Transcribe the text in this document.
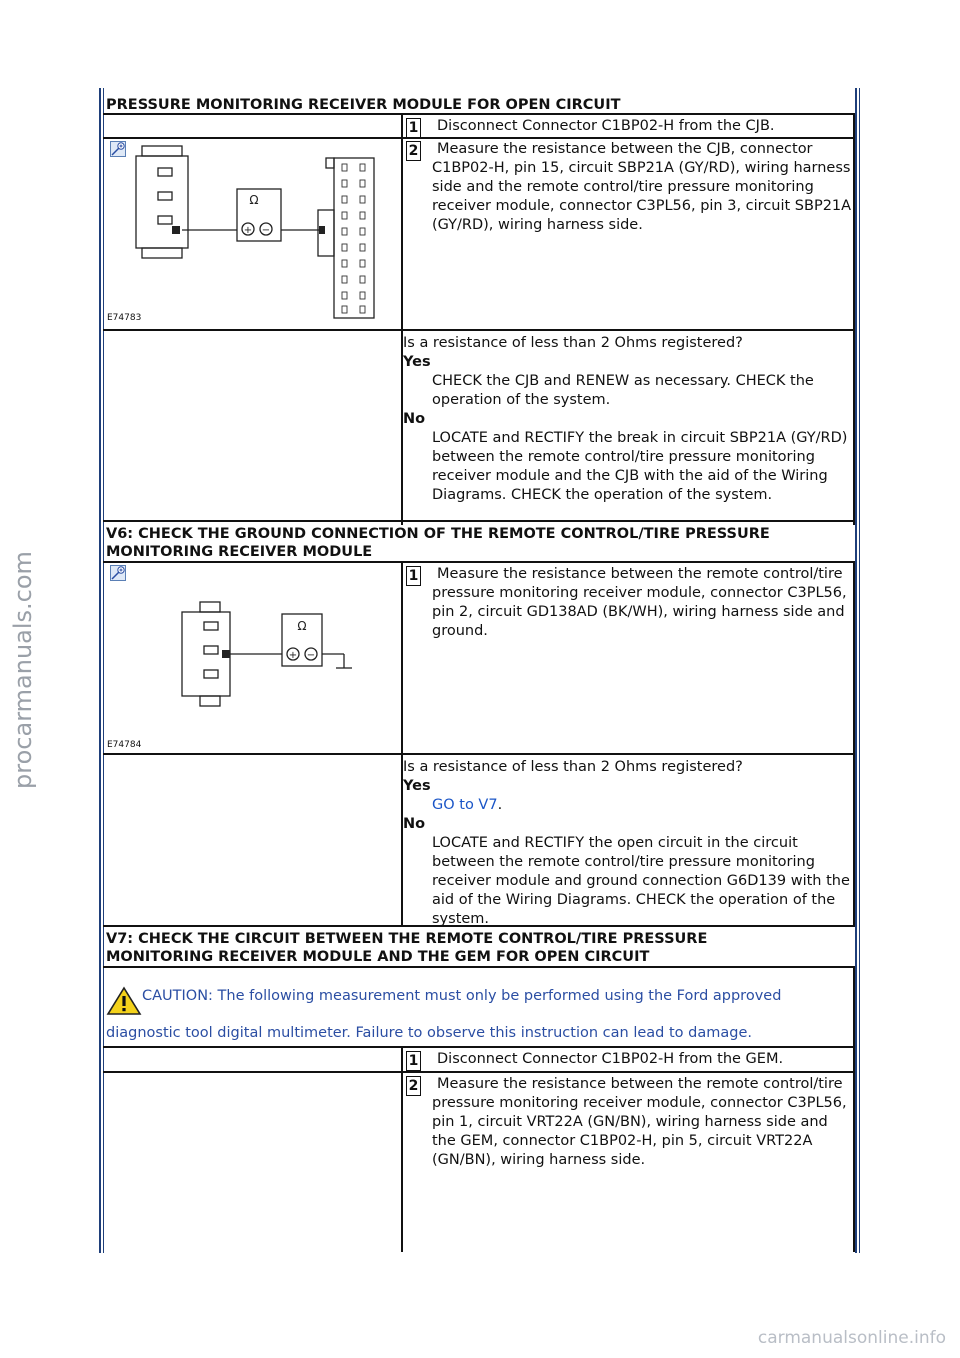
procarmanuals.com
carmanualsonline.info
PRESSURE MONITORING RECEIVER MODULE FOR OPEN CIRCUIT
1	Disconnect Connector C1BP02-H from the CJB.
Ω
+ −
E74783
2	Measure the resistance between the CJB, connector C1BP02-H, pin 15, circuit SBP21A (GY/RD), wiring harness side and the remote control/tire pressure monitoring receiver module, connector C3PL56, pin 3, circuit SBP21A (GY/RD), wiring harness side.
Is a resistance of less than 2 Ohms registered?
Yes
CHECK the CJB and RENEW as necessary. CHECK the operation of the system.
No
LOCATE and RECTIFY the break in circuit SBP21A (GY/RD) between the remote control/tire pressure monitoring receiver module and the CJB with the aid of the Wiring Diagrams. CHECK the operation of the system.
V6: CHECK THE GROUND CONNECTION OF THE REMOTE CONTROL/TIRE PRESSURE MONITORING RECEIVER MODULE
Ω
+ −
E74784
1	Measure the resistance between the remote control/tire pressure monitoring receiver module, connector C3PL56, pin 2, circuit GD138AD (BK/WH), wiring harness side and ground.
Is a resistance of less than 2 Ohms registered?
Yes
GO to V7.
No
LOCATE and RECTIFY the open circuit in the circuit between the remote control/tire pressure monitoring receiver module and ground connection G6D139 with the aid of the Wiring Diagrams. CHECK the operation of the system.
V7: CHECK THE CIRCUIT BETWEEN THE REMOTE CONTROL/TIRE PRESSURE MONITORING RECEIVER MODULE AND THE GEM FOR OPEN CIRCUIT
CAUTION: The following measurement must only be performed using the Ford approved diagnostic tool digital multimeter. Failure to observe this instruction can lead to damage.
1	Disconnect Connector C1BP02-H from the GEM.
2	Measure the resistance between the remote control/tire pressure monitoring receiver module, connector C3PL56, pin 1, circuit VRT22A (GN/BN), wiring harness side and the GEM, connector C1BP02-H, pin 5, circuit VRT22A (GN/BN), wiring harness side.
